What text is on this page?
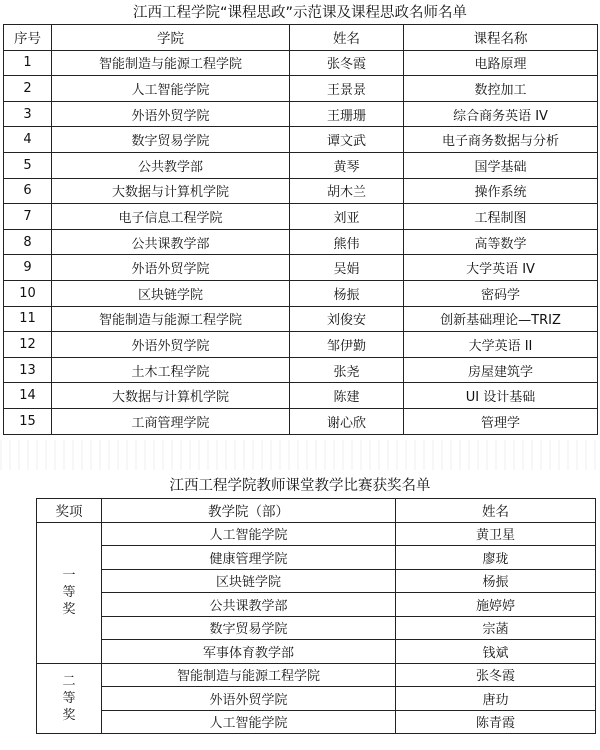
江西工程学院“课程思政”示范课及课程思政名师名单
序号	学院	姓名	课程名称
1	智能制造与能源工程学院	张冬霞	电路原理
2	人工智能学院	王景景	数控加工
3	外语外贸学院	王珊珊	综合商务英语 IV
4	数字贸易学院	谭文武	电子商务数据与分析
5	公共教学部	黄琴	国学基础
6	大数据与计算机学院	胡木兰	操作系统
7	电子信息工程学院	刘亚	工程制图
8	公共课教学部	熊伟	高等数学
9	外语外贸学院	吴娟	大学英语 IV
10	区块链学院	杨振	密码学
11	智能制造与能源工程学院	刘俊安	创新基础理论—TRIZ
12	外语外贸学院	邹伊勤	大学英语 II
13	土木工程学院	张尧	房屋建筑学
14	大数据与计算机学院	陈建	UI 设计基础
15	工商管理学院	谢心欣	管理学
江西工程学院教师课堂教学比赛获奖名单
奖项	教学院（部）	姓名

一
等
奖	人工智能学院	黄卫星
	健康管理学院	廖珑
	区块链学院	杨振
	公共课教学部	施婷婷
	数字贸易学院	宗菡
	军事体育教学部	钱斌

二
等
奖	智能制造与能源工程学院	张冬霞
	外语外贸学院	唐玏
	人工智能学院	陈青霞
